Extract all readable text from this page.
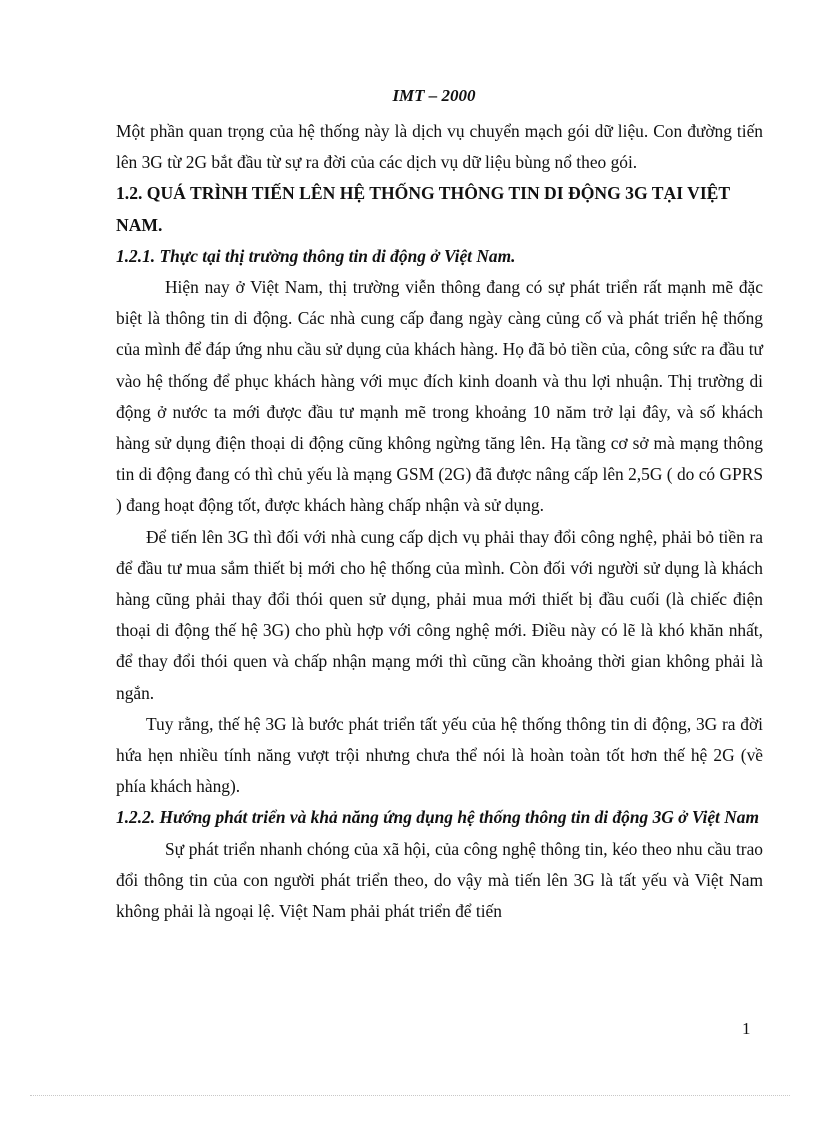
IMT – 2000

Một phần quan trọng của hệ thống này là dịch vụ chuyển mạch gói dữ liệu. Con đường tiến lên 3G từ 2G bắt đầu từ sự ra đời của các dịch vụ dữ liệu bùng nổ theo gói.

1.2. QUÁ TRÌNH TIẾN LÊN HỆ THỐNG THÔNG TIN DI ĐỘNG 3G TẠI VIỆT NAM.
1.2.1. Thực tại thị trường thông tin di động ở Việt Nam.

Hiện nay ở Việt Nam, thị trường viễn thông đang có sự phát triển rất mạnh mẽ đặc biệt là thông tin di động. Các nhà cung cấp đang ngày càng củng cố và phát triển hệ thống của mình để đáp ứng nhu cầu sử dụng của khách hàng. Họ đã bỏ tiền của, công sức ra đầu tư vào hệ thống để phục khách hàng với mục đích kinh doanh và thu lợi nhuận. Thị trường di động ở nước ta mới được đầu tư mạnh mẽ trong khoảng 10 năm trở lại đây, và số khách hàng sử dụng điện thoại di động cũng không ngừng tăng lên. Hạ tầng cơ sở mà mạng thông tin di động đang có thì chủ yếu là mạng GSM (2G) đã được nâng cấp lên 2,5G ( do có GPRS ) đang hoạt động tốt, được khách hàng chấp nhận và sử dụng.

Để tiến lên 3G thì đối với nhà cung cấp dịch vụ phải thay đổi công nghệ, phải bỏ tiền ra để đầu tư mua sắm thiết bị mới cho hệ thống của mình. Còn đối với người sử dụng là khách hàng cũng phải thay đổi thói quen sử dụng, phải mua mới thiết bị đầu cuối (là chiếc điện thoại di động thế hệ 3G) cho phù hợp với công nghệ mới. Điều này có lẽ là khó khăn nhất, để thay đổi thói quen và chấp nhận mạng mới thì cũng cần khoảng thời gian không phải là ngắn.

Tuy rằng, thế hệ 3G là bước phát triển tất yếu của hệ thống thông tin di động, 3G ra đời hứa hẹn nhiều tính năng vượt trội nhưng chưa thể nói là hoàn toàn tốt hơn thế hệ 2G (về phía khách hàng).

1.2.2. Hướng phát triển và khả năng ứng dụng hệ thống thông tin di động 3G ở Việt Nam

Sự phát triển nhanh chóng của xã hội, của công nghệ thông tin, kéo theo nhu cầu trao đổi thông tin của con người phát triển theo, do vậy mà tiến lên 3G là tất yếu và Việt Nam không phải là ngoại lệ. Việt Nam phải phát triển để tiến

1
